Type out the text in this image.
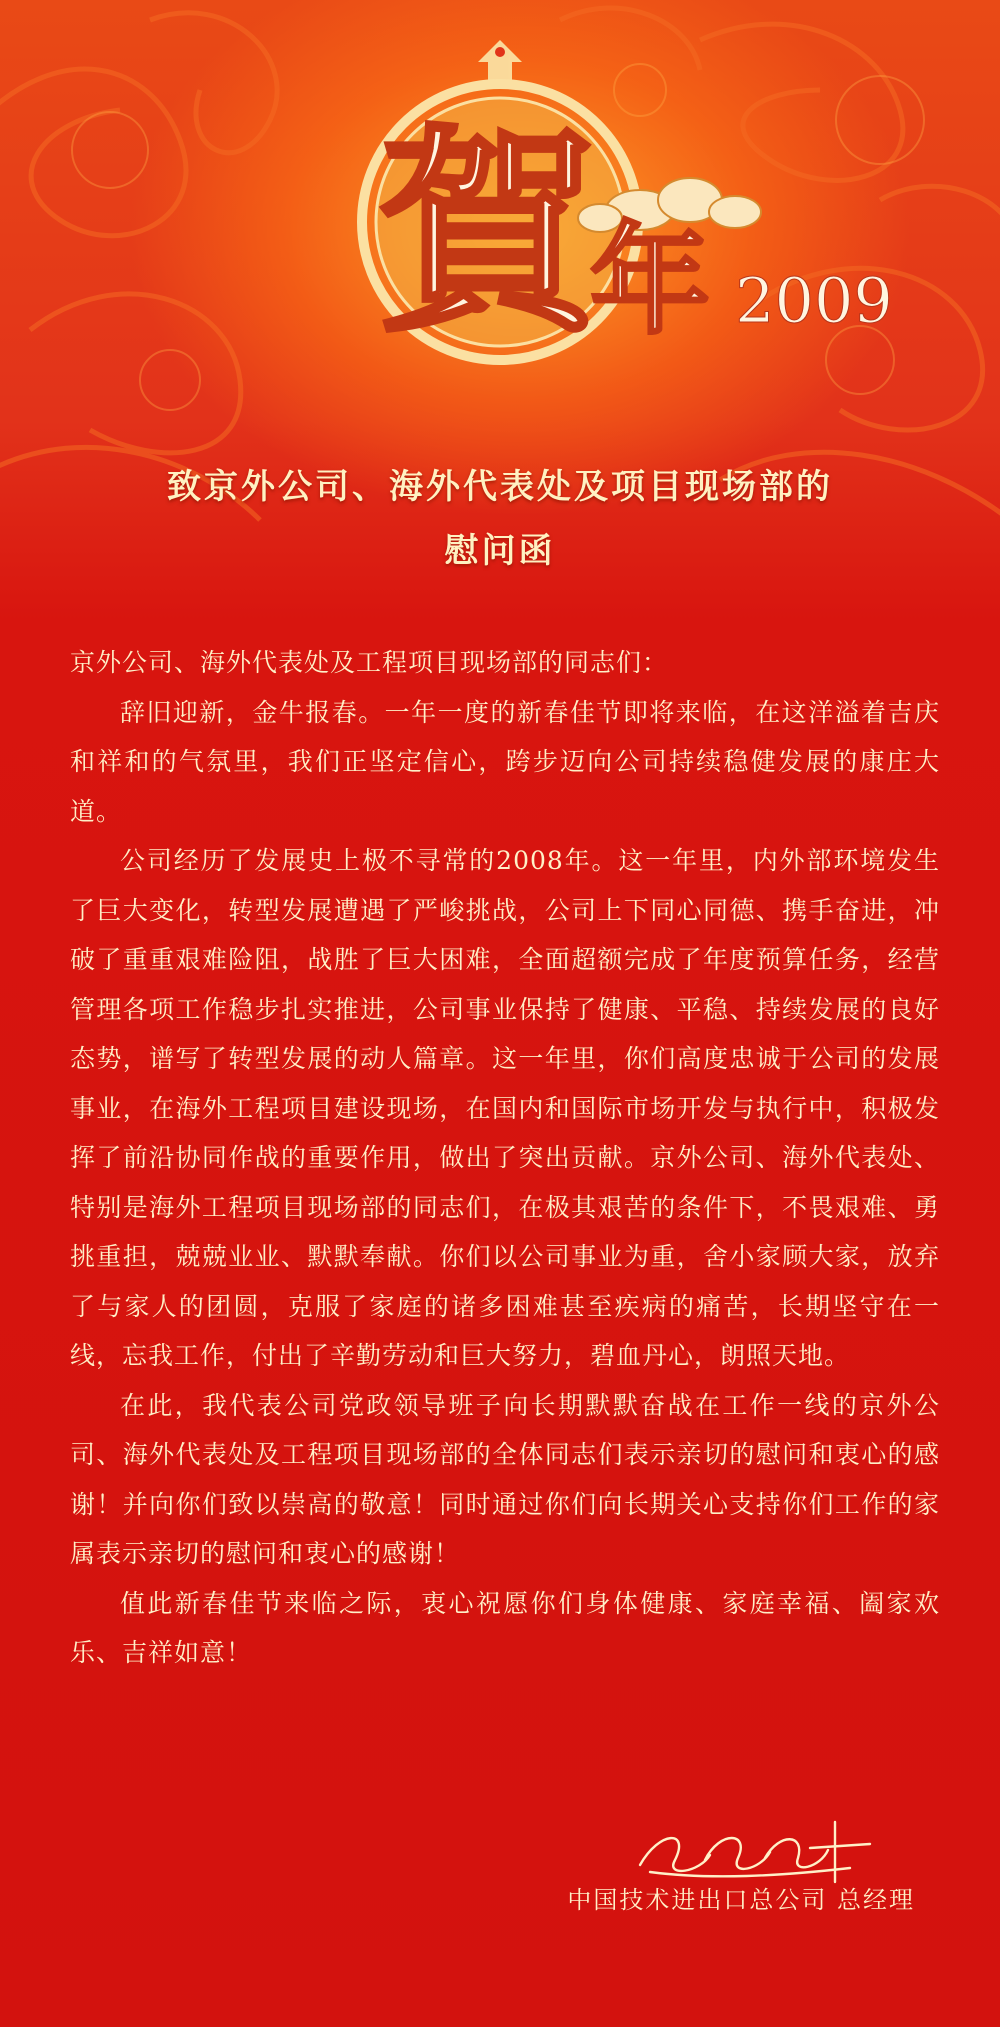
賀
年 2009
致京外公司、海外代表处及项目现场部的
慰问函

京外公司、海外代表处及工程项目现场部的同志们：

辞旧迎新，金牛报春。一年一度的新春佳节即将来临，在这洋溢着吉庆和祥和的气氛里，我们正坚定信心，跨步迈向公司持续稳健发展的康庄大道。

公司经历了发展史上极不寻常的2008年。这一年里，内外部环境发生了巨大变化，转型发展遭遇了严峻挑战，公司上下同心同德、携手奋进，冲破了重重艰难险阻，战胜了巨大困难，全面超额完成了年度预算任务，经营管理各项工作稳步扎实推进，公司事业保持了健康、平稳、持续发展的良好态势，谱写了转型发展的动人篇章。这一年里，你们高度忠诚于公司的发展事业，在海外工程项目建设现场，在国内和国际市场开发与执行中，积极发挥了前沿协同作战的重要作用，做出了突出贡献。京外公司、海外代表处、特别是海外工程项目现场部的同志们，在极其艰苦的条件下，不畏艰难、勇挑重担，兢兢业业、默默奉献。你们以公司事业为重，舍小家顾大家，放弃了与家人的团圆，克服了家庭的诸多困难甚至疾病的痛苦，长期坚守在一线，忘我工作，付出了辛勤劳动和巨大努力，碧血丹心，朗照天地。

在此，我代表公司党政领导班子向长期默默奋战在工作一线的京外公司、海外代表处及工程项目现场部的全体同志们表示亲切的慰问和衷心的感谢！并向你们致以崇高的敬意！同时通过你们向长期关心支持你们工作的家属表示亲切的慰问和衷心的感谢！

值此新春佳节来临之际，衷心祝愿你们身体健康、家庭幸福、阖家欢乐、吉祥如意！

中国技术进出口总公司 总经理
